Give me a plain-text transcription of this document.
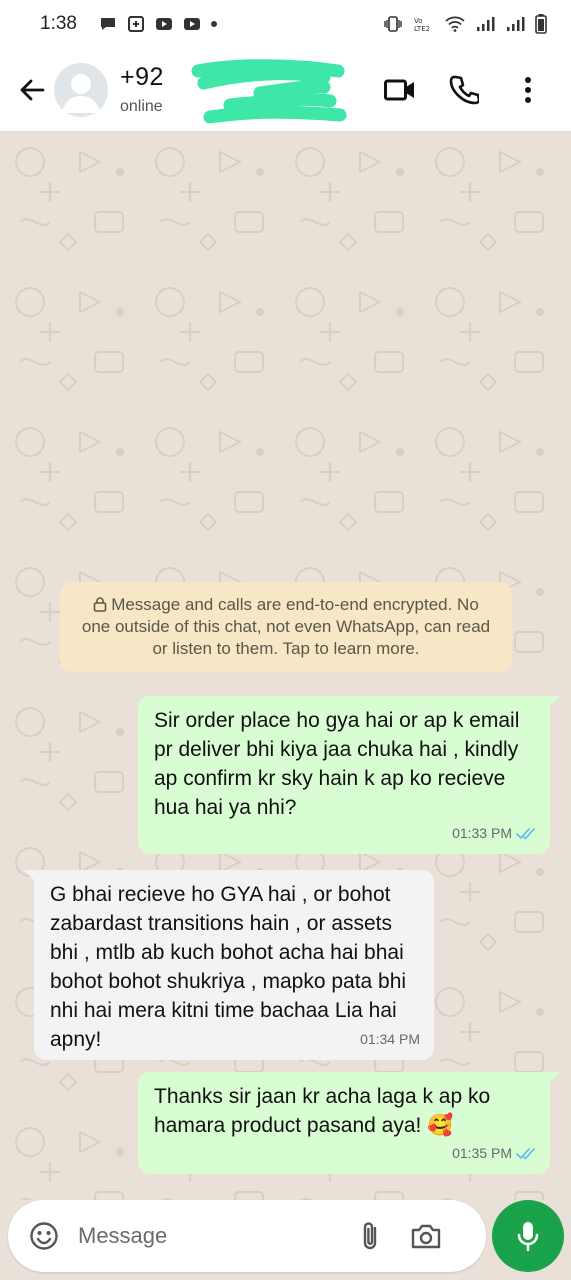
1:38	Vo
LTE2
+92
online
Message and calls are end-to-end encrypted. No one outside of this chat, not even WhatsApp, can read or listen to them. Tap to learn more.
Sir order place ho gya hai or ap k email pr deliver bhi kiya jaa chuka hai , kindly ap confirm kr sky hain k ap ko recieve hua hai ya nhi?
01:33 PM
G bhai recieve ho GYA hai , or bohot zabardast transitions hain , or assets bhi , mtlb ab kuch bohot acha hai bhai bohot bohot shukriya , mapko pata bhi nhi hai mera kitni time bachaa Lia hai apny!	01:34 PM
Thanks sir jaan kr acha laga k ap ko hamara product pasand aya! 🥰
01:35 PM
Message
